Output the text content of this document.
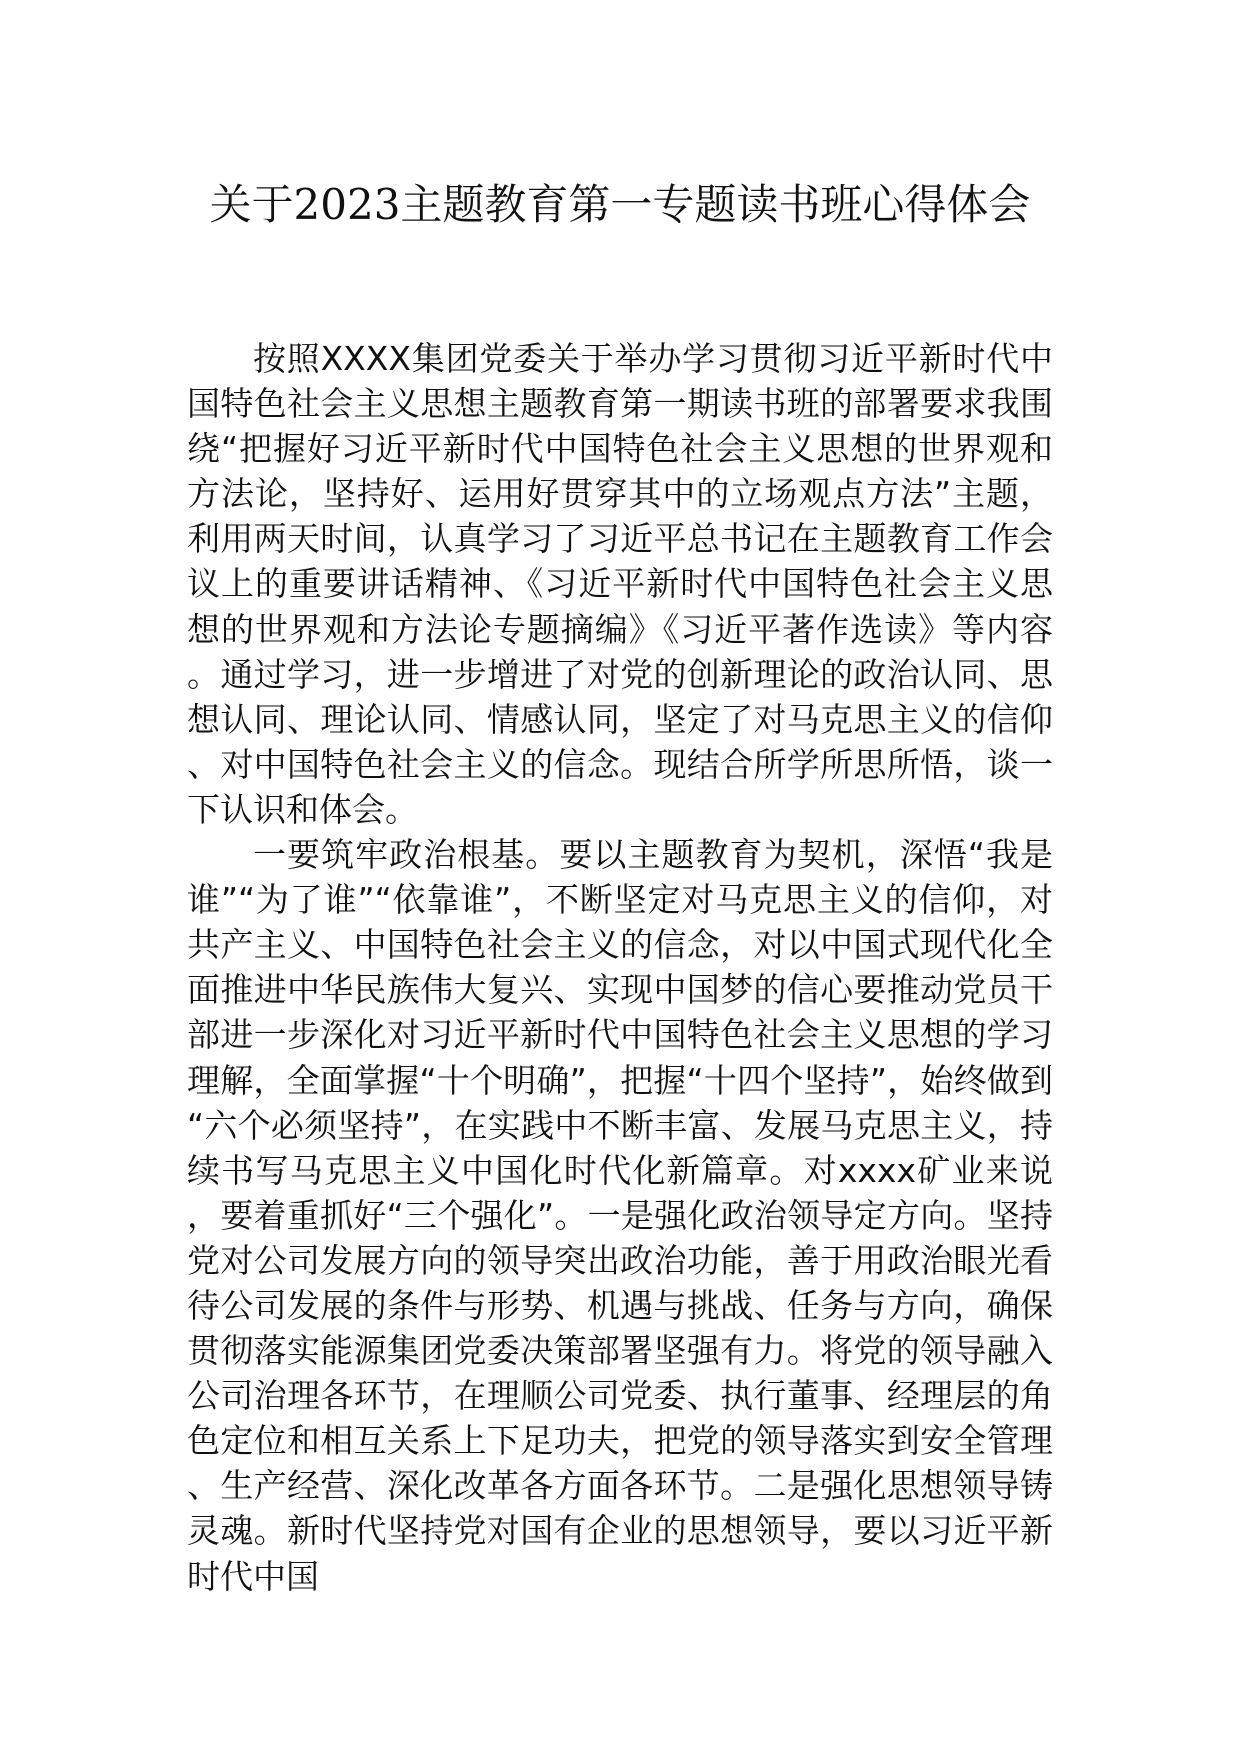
关于2023主题教育第一专题读书班心得体会

按照XXXX集团党委关于举办学习贯彻习近平新时代中国特色社会主义思想主题教育第一期读书班的部署要求我围绕“把握好习近平新时代中国特色社会主义思想的世界观和方法论，坚持好、运用好贯穿其中的立场观点方法”主题，利用两天时间，认真学习了习近平总书记在主题教育工作会议上的重要讲话精神、《习近平新时代中国特色社会主义思想的世界观和方法论专题摘编》《习近平著作选读》等内容。通过学习，进一步增进了对党的创新理论的政治认同、思想认同、理论认同、情感认同，坚定了对马克思主义的信仰、对中国特色社会主义的信念。现结合所学所思所悟，谈一下认识和体会。

一要筑牢政治根基。要以主题教育为契机，深悟“我是谁”“为了谁”“依靠谁”，不断坚定对马克思主义的信仰，对共产主义、中国特色社会主义的信念，对以中国式现代化全面推进中华民族伟大复兴、实现中国梦的信心要推动党员干部进一步深化对习近平新时代中国特色社会主义思想的学习理解，全面掌握“十个明确”，把握“十四个坚持”，始终做到“六个必须坚持”，在实践中不断丰富、发展马克思主义，持续书写马克思主义中国化时代化新篇章。对xxxx矿业来说，要着重抓好“三个强化”。一是强化政治领导定方向。坚持党对公司发展方向的领导突出政治功能，善于用政治眼光看待公司发展的条件与形势、机遇与挑战、任务与方向，确保贯彻落实能源集团党委决策部署坚强有力。将党的领导融入公司治理各环节，在理顺公司党委、执行董事、经理层的角色定位和相互关系上下足功夫，把党的领导落实到安全管理、生产经营、深化改革各方面各环节。二是强化思想领导铸灵魂。新时代坚持党对国有企业的思想领导，要以习近平新时代中国
